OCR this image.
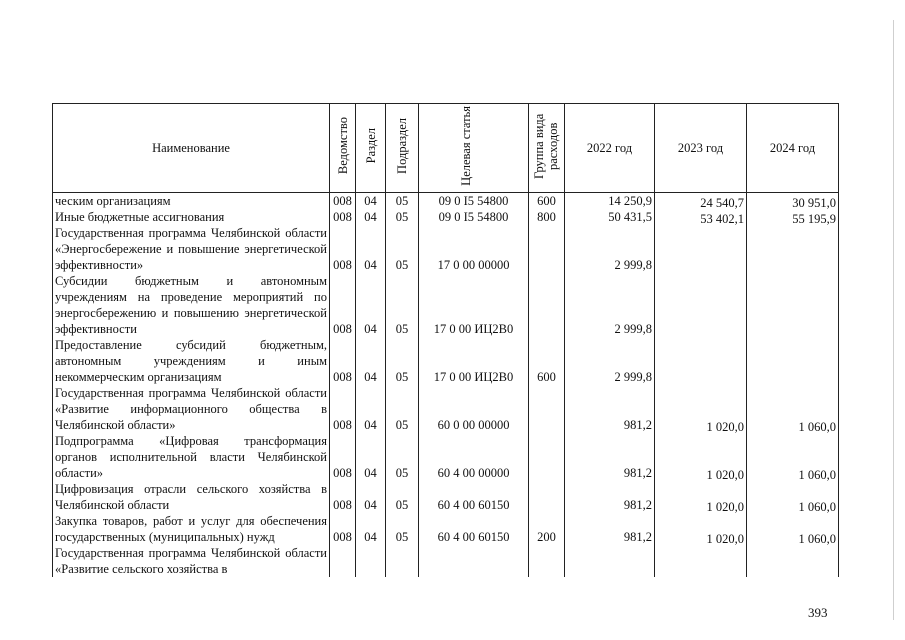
Наименование	Ведомство	Раздел	Подраздел	Целевая статья	Группа вида расходов	2022 год	2023 год	2024 год
ческим организациям	008	04	05	09 0 I5 54800	600	14 250,9	24 540,7	30 951,0
Иные бюджетные ассигнования	008	04	05	09 0 I5 54800	800	50 431,5	53 402,1	55 195,9
Государственная программа Челябинской области «Энергосбережение и повышение энергетической эффективности»	008	04	05	17 0 00 00000		2 999,8		
Субсидии бюджетным и автономным учреждениям на проведение мероприятий по энергосбережению и повышению энергетической эффективности	008	04	05	17 0 00 ИЦ2В0		2 999,8		
Предоставление субсидий бюджетным, автономным учреждениям и иным некоммерческим организациям	008	04	05	17 0 00 ИЦ2В0	600	2 999,8		
Государственная программа Челябинской области «Развитие информационного общества в Челябинской области»	008	04	05	60 0 00 00000		981,2	1 020,0	1 060,0
Подпрограмма «Цифровая трансформация органов исполнительной власти Челябинской области»	008	04	05	60 4 00 00000		981,2	1 020,0	1 060,0
Цифровизация отрасли сельского хозяйства в Челябинской области	008	04	05	60 4 00 60150		981,2	1 020,0	1 060,0
Закупка товаров, работ и услуг для обеспечения государственных (муниципальных) нужд	008	04	05	60 4 00 60150	200	981,2	1 020,0	1 060,0
Государственная программа Челябинской области «Развитие сельского хозяйства в								
393
